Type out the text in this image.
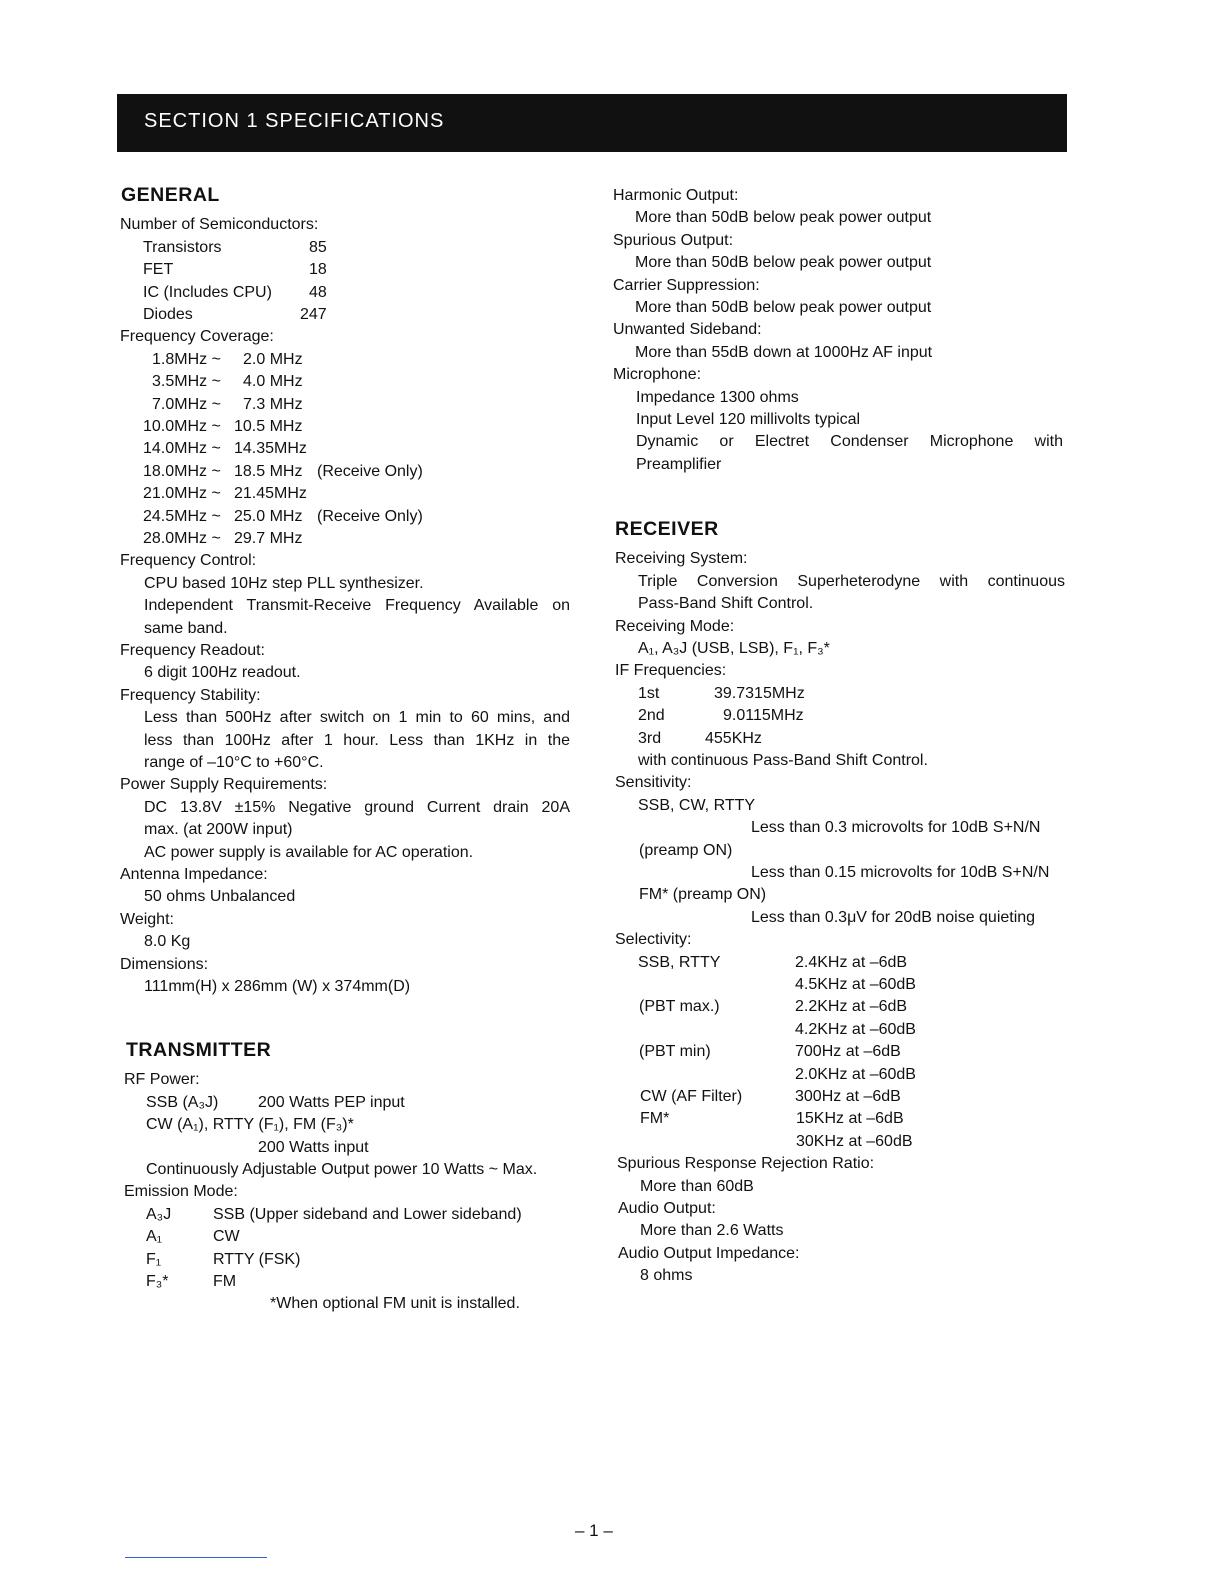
SECTION 1 SPECIFICATIONS
GENERAL
Number of Semiconductors:
Transistors	85
FET	18
IC (Includes CPU) 48
Diodes	247
Frequency Coverage:
1.8MHz ~ 2.0 MHz
3.5MHz ~ 4.0 MHz
7.0MHz ~ 7.3 MHz
10.0MHz ~ 10.5 MHz
14.0MHz ~ 14.35MHz
18.0MHz ~ 18.5 MHz (Receive Only)
21.0MHz ~ 21.45MHz
24.5MHz ~ 25.0 MHz (Receive Only)
28.0MHz ~ 29.7 MHz
Frequency Control:
CPU based 10Hz step PLL synthesizer.
Independent Transmit-Receive Frequency Available on
same band.
Frequency Readout:
6 digit 100Hz readout.
Frequency Stability:
Less than 500Hz after switch on 1 min to 60 mins, and
less than 100Hz after 1 hour. Less than 1KHz in the
range of –10°C to +60°C.
Power Supply Requirements:
DC 13.8V ±15% Negative ground Current drain 20A
max. (at 200W input)
AC power supply is available for AC operation.
Antenna Impedance:
50 ohms Unbalanced
Weight:
8.0 Kg
Dimensions:
111mm(H) x 286mm (W) x 374mm(D)
TRANSMITTER
RF Power:
SSB (A₃J) 200 Watts PEP input
CW (A₁), RTTY (F₁), FM (F₃)*
200 Watts input
Continuously Adjustable Output power 10 Watts ~ Max.
Emission Mode:
A₃J	SSB (Upper sideband and Lower sideband)
A₁	CW
F₁	RTTY (FSK)
F₃*	FM
*When optional FM unit is installed.
Harmonic Output:
More than 50dB below peak power output
Spurious Output:
More than 50dB below peak power output
Carrier Suppression:
More than 50dB below peak power output
Unwanted Sideband:
More than 55dB down at 1000Hz AF input
Microphone:
Impedance 1300 ohms
Input Level 120 millivolts typical
Dynamic or Electret Condenser Microphone with
Preamplifier
RECEIVER
Receiving System:
Triple Conversion Superheterodyne with continuous
Pass-Band Shift Control.
Receiving Mode:
A₁, A₃J (USB, LSB), F₁, F₃*
IF Frequencies:
1st	39.7315MHz
2nd	9.0115MHz
3rd	455KHz
with continuous Pass-Band Shift Control.
Sensitivity:
SSB, CW, RTTY
Less than 0.3 microvolts for 10dB S+N/N
(preamp ON)
Less than 0.15 microvolts for 10dB S+N/N
FM* (preamp ON)
Less than 0.3μV for 20dB noise quieting
Selectivity:
SSB, RTTY	2.4KHz at –6dB
4.5KHz at –60dB
(PBT max.)	2.2KHz at –6dB
4.2KHz at –60dB
(PBT min)	700Hz at –6dB
2.0KHz at –60dB
CW (AF Filter)	300Hz at –6dB
FM*	15KHz at –6dB
30KHz at –60dB
Spurious Response Rejection Ratio:
More than 60dB
Audio Output:
More than 2.6 Watts
Audio Output Impedance:
8 ohms
– 1 –
